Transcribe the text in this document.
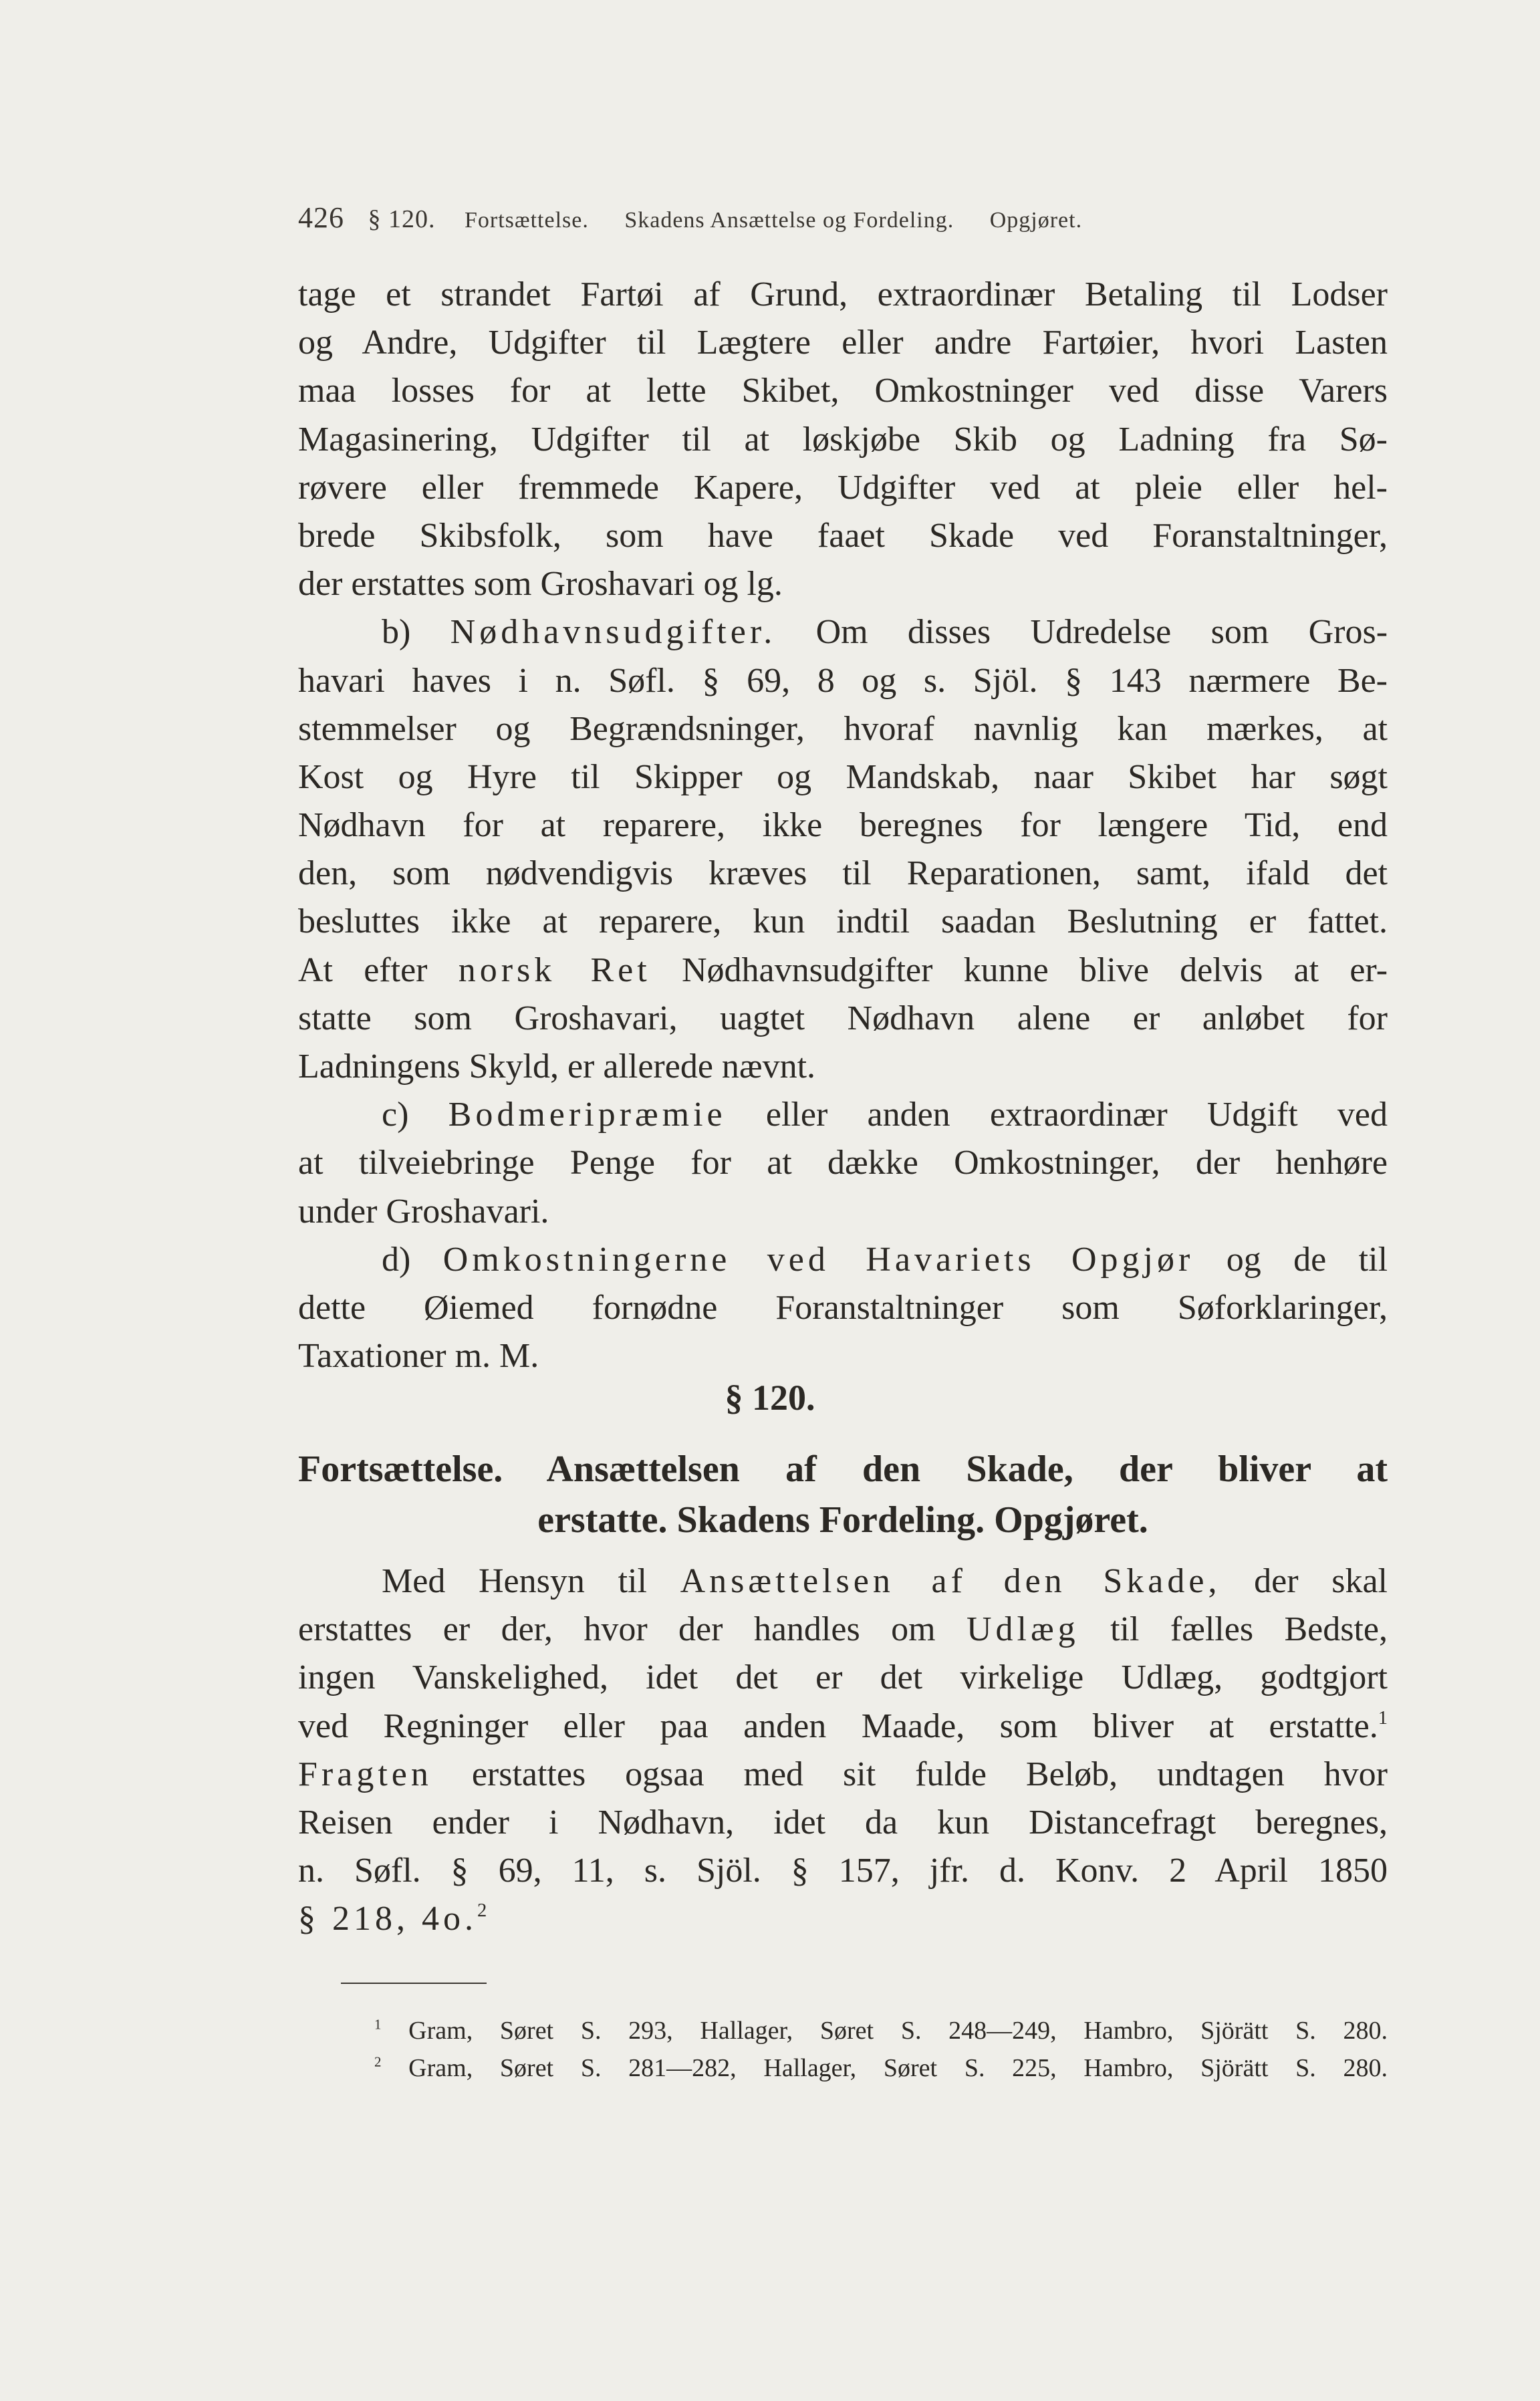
426 § 120. Fortsættelse. Skadens Ansættelse og Fordeling. Opgjøret.
tage et strandet Fartøi af Grund, extraordinær Betaling til Lodser
og Andre, Udgifter til Lægtere eller andre Fartøier, hvori Lasten
maa losses for at lette Skibet, Omkostninger ved disse Varers
Magasinering, Udgifter til at løskjøbe Skib og Ladning fra Sø-
røvere eller fremmede Kapere, Udgifter ved at pleie eller hel-
brede Skibsfolk, som have faaet Skade ved Foranstaltninger,
der erstattes som Groshavari og lg.
b) Nødhavnsudgifter. Om disses Udredelse som Gros-
havari haves i n. Søfl. § 69, 8 og s. Sjöl. § 143 nærmere Be-
stemmelser og Begrændsninger, hvoraf navnlig kan mærkes, at
Kost og Hyre til Skipper og Mandskab, naar Skibet har søgt
Nødhavn for at reparere, ikke beregnes for længere Tid, end
den, som nødvendigvis kræves til Reparationen, samt, ifald det
besluttes ikke at reparere, kun indtil saadan Beslutning er fattet.
At efter norsk Ret Nødhavnsudgifter kunne blive delvis at er-
statte som Groshavari, uagtet Nødhavn alene er anløbet for
Ladningens Skyld, er allerede nævnt.
c) Bodmeripræmie eller anden extraordinær Udgift ved
at tilveiebringe Penge for at dække Omkostninger, der henhøre
under Groshavari.
d) Omkostningerne ved Havariets Opgjør og de til
dette Øiemed fornødne Foranstaltninger som Søforklaringer,
Taxationer m. M.
§ 120.
Fortsættelse. Ansættelsen af den Skade, der bliver at
erstatte. Skadens Fordeling. Opgjøret.
Med Hensyn til Ansættelsen af den Skade, der skal
erstattes er der, hvor der handles om Udlæg til fælles Bedste,
ingen Vanskelighed, idet det er det virkelige Udlæg, godtgjort
ved Regninger eller paa anden Maade, som bliver at erstatte.$^1$
Fragten erstattes ogsaa med sit fulde Beløb, undtagen hvor
Reisen ender i Nødhavn, idet da kun Distancefragt beregnes,
n. Søfl. § 69, 11, s. Sjöl. § 157, jfr. d. Konv. 2 April 1850
§ 218, 4o.$^2$
$^1$ Gram, Søret S. 293, Hallager, Søret S. 248—249, Hambro, Sjörätt S. 280.
$^2$ Gram, Søret S. 281—282, Hallager, Søret S. 225, Hambro, Sjörätt S. 280.
